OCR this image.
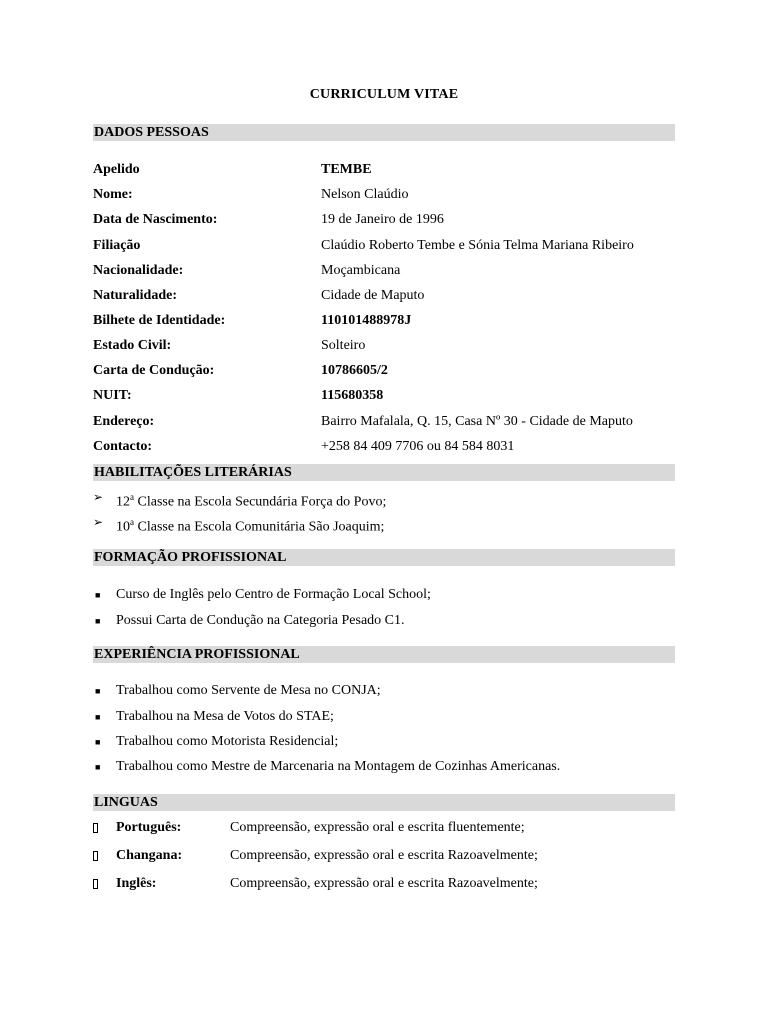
CURRICULUM VITAE
DADOS PESSOAS
Apelido	TEMBE
Nome:	Nelson Claúdio
Data de Nascimento:	19 de Janeiro de 1996
Filiação	Claúdio Roberto Tembe e Sónia Telma Mariana Ribeiro
Nacionalidade:	Moçambicana
Naturalidade:	Cidade de Maputo
Bilhete de Identidade:	110101488978J
Estado Civil:	Solteiro
Carta de Condução:	10786605/2
NUIT:	115680358
Endereço:	Bairro Mafalala, Q. 15, Casa Nº 30 - Cidade de Maputo
Contacto:	+258 84 409 7706 ou 84 584 8031
HABILITAÇÕES LITERÁRIAS
➢ 12$^a$ Classe na Escola Secundária Força do Povo;
➢ 10$^a$ Classe na Escola Comunitária São Joaquim;
FORMAÇÃO PROFISSIONAL
■	Curso de Inglês pelo Centro de Formação Local School;
■	Possui Carta de Condução na Categoria Pesado C1.
EXPERIÊNCIA PROFISSIONAL
■	Trabalhou como Servente de Mesa no CONJA;
■	Trabalhou na Mesa de Votos do STAE;
■	Trabalhou como Motorista Residencial;
■	Trabalhou como Mestre de Marcenaria na Montagem de Cozinhas Americanas.
LINGUAS
Português:	Compreensão, expressão oral e escrita fluentemente;
Changana:	Compreensão, expressão oral e escrita Razoavelmente;
Inglês:	Compreensão, expressão oral e escrita Razoavelmente;
